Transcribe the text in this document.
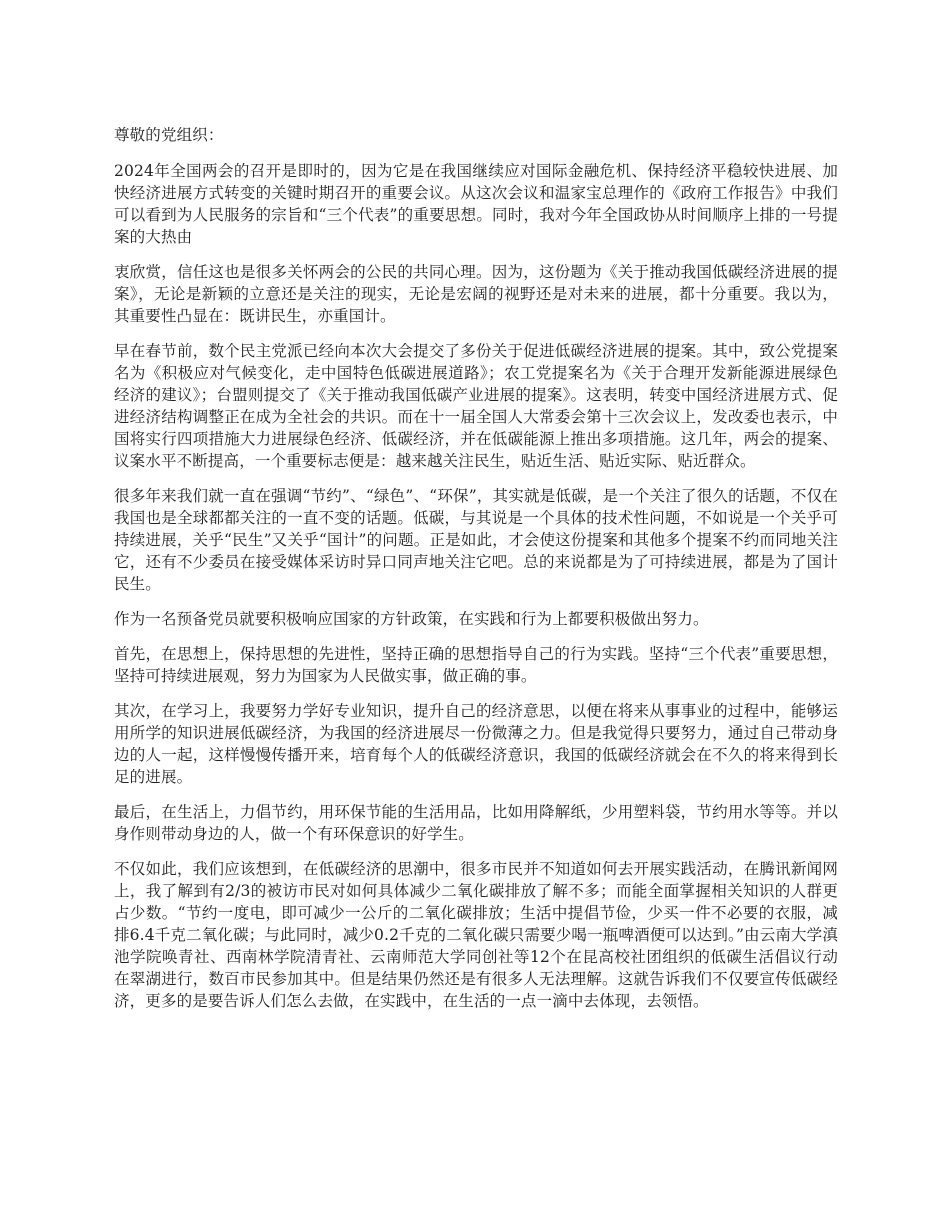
尊敬的党组织：

2024年全国两会的召开是即时的，因为它是在我国继续应对国际金融危机、保持经济平稳较快进展、加快经济进展方式转变的关键时期召开的重要会议。从这次会议和温家宝总理作的《政府工作报告》中我们可以看到为人民服务的宗旨和“三个代表”的重要思想。同时，我对今年全国政协从时间顺序上排的一号提案的大热由

衷欣赏，信任这也是很多关怀两会的公民的共同心理。因为，这份题为《关于推动我国低碳经济进展的提案》，无论是新颖的立意还是关注的现实，无论是宏阔的视野还是对未来的进展，都十分重要。我以为，其重要性凸显在：既讲民生，亦重国计。

早在春节前，数个民主党派已经向本次大会提交了多份关于促进低碳经济进展的提案。其中，致公党提案名为《积极应对气候变化，走中国特色低碳进展道路》；农工党提案名为《关于合理开发新能源进展绿色经济的建议》；台盟则提交了《关于推动我国低碳产业进展的提案》。这表明，转变中国经济进展方式、促进经济结构调整正在成为全社会的共识。而在十一届全国人大常委会第十三次会议上，发改委也表示，中国将实行四项措施大力进展绿色经济、低碳经济，并在低碳能源上推出多项措施。这几年，两会的提案、议案水平不断提高，一个重要标志便是：越来越关注民生，贴近生活、贴近实际、贴近群众。

很多年来我们就一直在强调“节约”、“绿色”、“环保”，其实就是低碳，是一个关注了很久的话题，不仅在我国也是全球都都关注的一直不变的话题。低碳，与其说是一个具体的技术性问题，不如说是一个关乎可持续进展，关乎“民生”又关乎“国计”的问题。正是如此，才会使这份提案和其他多个提案不约而同地关注它，还有不少委员在接受媒体采访时异口同声地关注它吧。总的来说都是为了可持续进展，都是为了国计民生。

作为一名预备党员就要积极响应国家的方针政策，在实践和行为上都要积极做出努力。

首先，在思想上，保持思想的先进性，坚持正确的思想指导自己的行为实践。坚持“三个代表”重要思想，坚持可持续进展观，努力为国家为人民做实事，做正确的事。

其次，在学习上，我要努力学好专业知识，提升自己的经济意思，以便在将来从事事业的过程中，能够运用所学的知识进展低碳经济，为我国的经济进展尽一份微薄之力。但是我觉得只要努力，通过自己带动身边的人一起，这样慢慢传播开来，培育每个人的低碳经济意识，我国的低碳经济就会在不久的将来得到长足的进展。

最后，在生活上，力倡节约，用环保节能的生活用品，比如用降解纸，少用塑料袋，节约用水等等。并以身作则带动身边的人，做一个有环保意识的好学生。

不仅如此，我们应该想到，在低碳经济的思潮中，很多市民并不知道如何去开展实践活动，在腾讯新闻网上，我了解到有2/3的被访市民对如何具体减少二氧化碳排放了解不多；而能全面掌握相关知识的人群更占少数。“节约一度电，即可减少一公斤的二氧化碳排放；生活中提倡节俭，少买一件不必要的衣服，减排6.4千克二氧化碳；与此同时，减少0.2千克的二氧化碳只需要少喝一瓶啤酒便可以达到。”由云南大学滇池学院唤青社、西南林学院清青社、云南师范大学同创社等12个在昆高校社团组织的低碳生活倡议行动在翠湖进行，数百市民参加其中。但是结果仍然还是有很多人无法理解。这就告诉我们不仅要宣传低碳经济，更多的是要告诉人们怎么去做，在实践中，在生活的一点一滴中去体现，去领悟。
